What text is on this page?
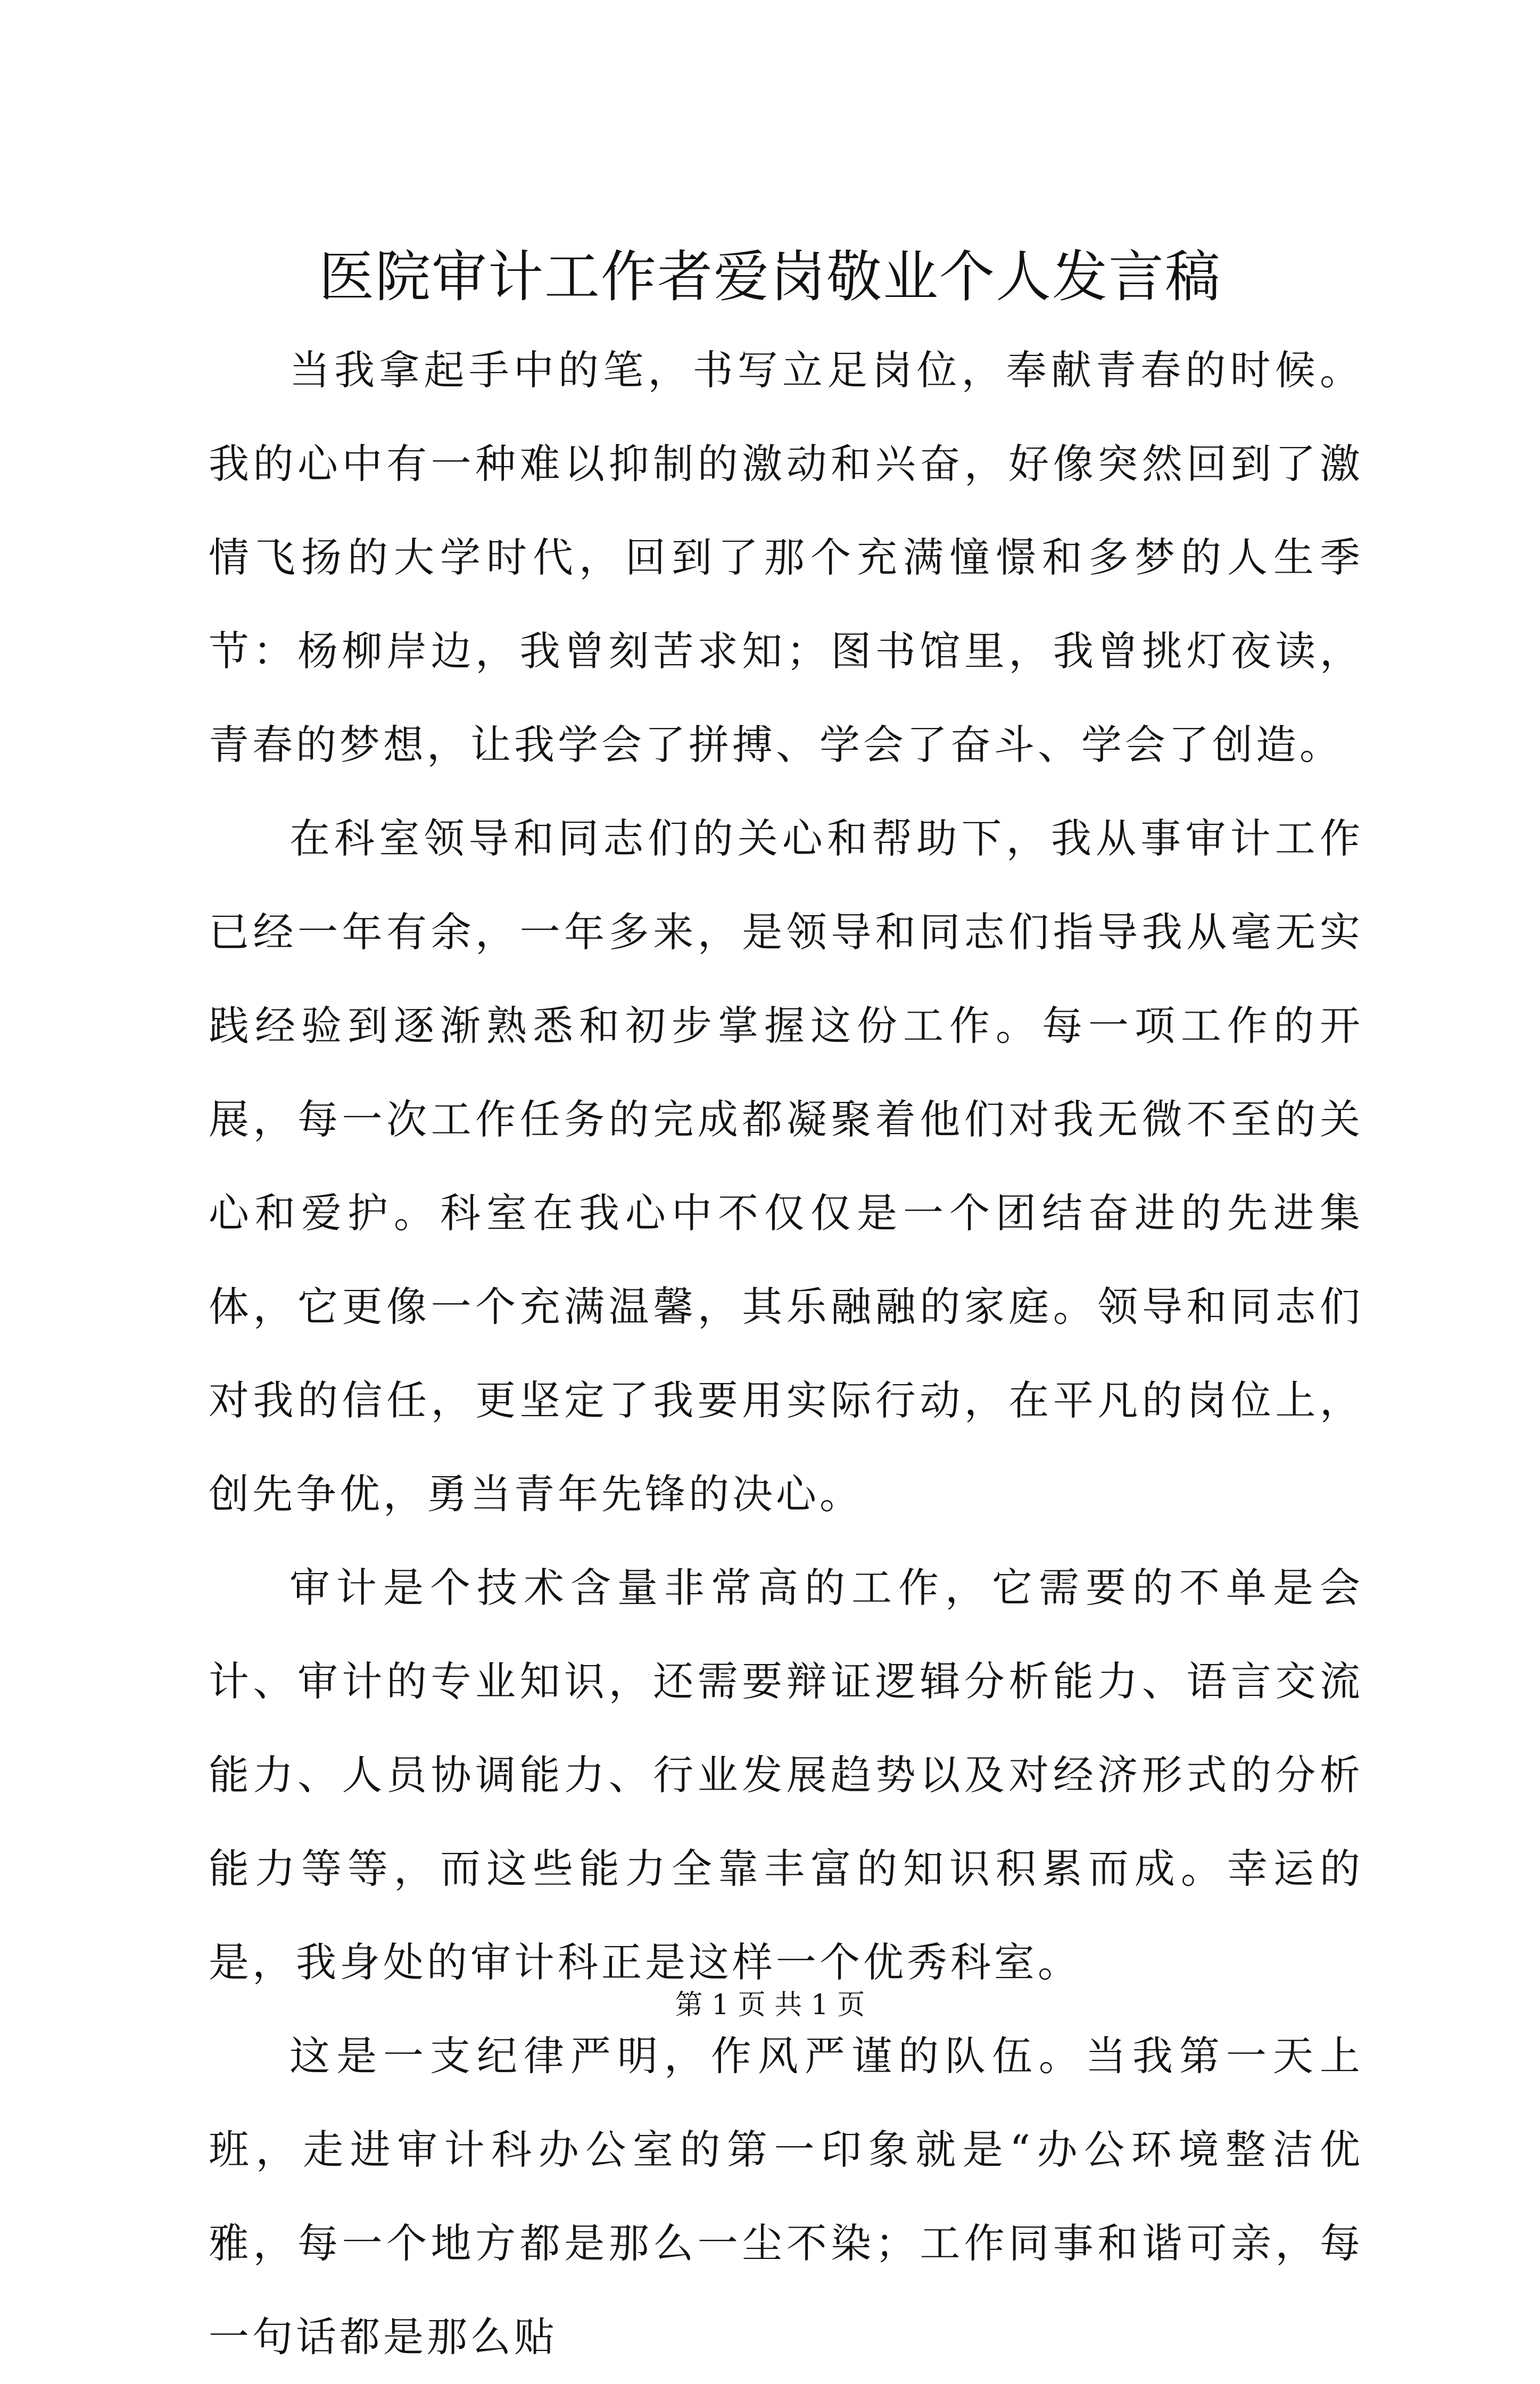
医院审计工作者爱岗敬业个人发言稿

当我拿起手中的笔，书写立足岗位，奉献青春的时候。我的心中有一种难以抑制的激动和兴奋，好像突然回到了激情飞扬的大学时代，回到了那个充满憧憬和多梦的人生季节：杨柳岸边，我曾刻苦求知；图书馆里，我曾挑灯夜读，青春的梦想，让我学会了拼搏、学会了奋斗、学会了创造。

在科室领导和同志们的关心和帮助下，我从事审计工作已经一年有余，一年多来，是领导和同志们指导我从毫无实践经验到逐渐熟悉和初步掌握这份工作。每一项工作的开展，每一次工作任务的完成都凝聚着他们对我无微不至的关心和爱护。科室在我心中不仅仅是一个团结奋进的先进集体，它更像一个充满温馨，其乐融融的家庭。领导和同志们对我的信任，更坚定了我要用实际行动，在平凡的岗位上，创先争优，勇当青年先锋的决心。

审计是个技术含量非常高的工作，它需要的不单是会计、审计的专业知识，还需要辩证逻辑分析能力、语言交流能力、人员协调能力、行业发展趋势以及对经济形式的分析能力等等，而这些能力全靠丰富的知识积累而成。幸运的是，我身处的审计科正是这样一个优秀科室。

这是一支纪律严明，作风严谨的队伍。当我第一天上班，走进审计科办公室的第一印象就是“办公环境整洁优雅，每一个地方都是那么一尘不染；工作同事和谐可亲，每一句话都是那么贴

第 1 页 共 1 页
